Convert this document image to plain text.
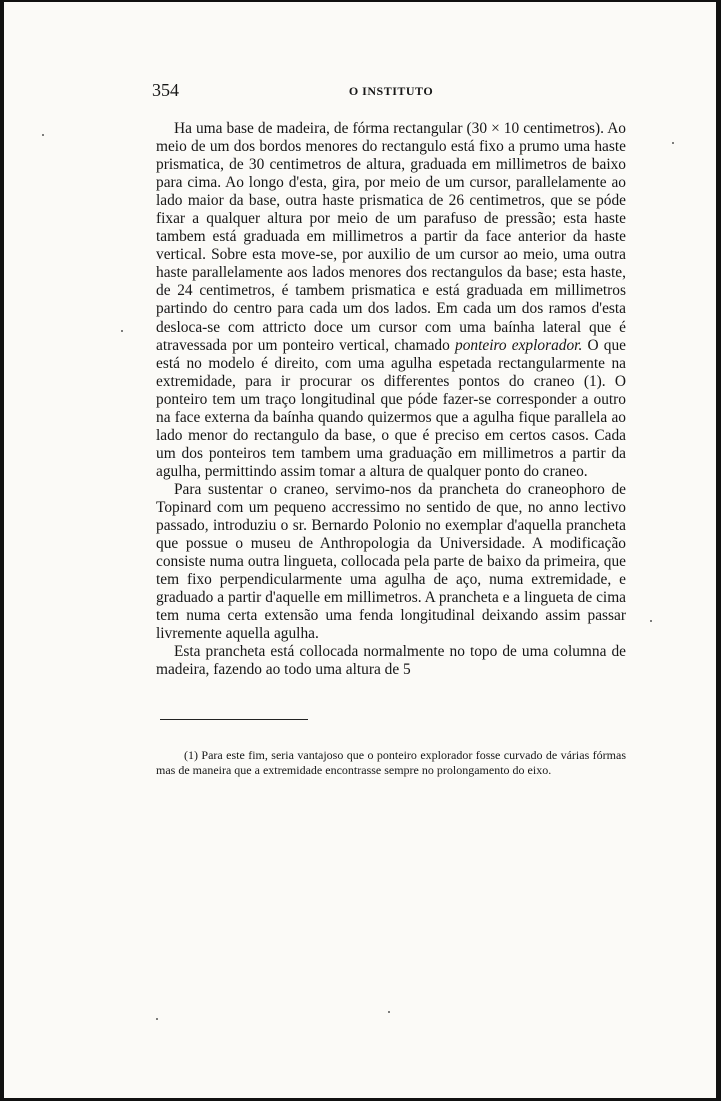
354	O INSTITUTO

Ha uma base de madeira, de fórma rectangular (30 × 10 centimetros). Ao meio de um dos bordos menores do rectangulo está fixo a prumo uma haste prismatica, de 30 centimetros de altura, graduada em millimetros de baixo para cima. Ao longo d'esta, gira, por meio de um cursor, parallelamente ao lado maior da base, outra haste prismatica de 26 centimetros, que se póde fixar a qualquer altura por meio de um parafuso de pressão; esta haste tambem está graduada em millimetros a partir da face anterior da haste vertical. Sobre esta move-se, por auxilio de um cursor ao meio, uma outra haste parallelamente aos lados menores dos rectangulos da base; esta haste, de 24 centimetros, é tambem prismatica e está graduada em millimetros partindo do centro para cada um dos lados. Em cada um dos ramos d'esta desloca-se com attricto doce um cursor com uma baínha lateral que é atravessada por um ponteiro vertical, chamado ponteiro explorador. O que está no modelo é direito, com uma agulha espetada rectangularmente na extremidade, para ir procurar os differentes pontos do craneo (1). O ponteiro tem um traço longitudinal que póde fazer-se corresponder a outro na face externa da baínha quando quizermos que a agulha fique parallela ao lado menor do rectangulo da base, o que é preciso em certos casos. Cada um dos ponteiros tem tambem uma graduação em millimetros a partir da agulha, permittindo assim tomar a altura de qualquer ponto do craneo.

Para sustentar o craneo, servimo-nos da prancheta do craneophoro de Topinard com um pequeno accressimo no sentido de que, no anno lectivo passado, introduziu o sr. Bernardo Polonio no exemplar d'aquella prancheta que possue o museu de Anthropologia da Universidade. A modificação consiste numa outra lingueta, collocada pela parte de baixo da primeira, que tem fixo perpendicularmente uma agulha de aço, numa extremidade, e graduado a partir d'aquelle em millimetros. A prancheta e a lingueta de cima tem numa certa extensão uma fenda longitudinal deixando assim passar livremente aquella agulha.

Esta prancheta está collocada normalmente no topo de uma columna de madeira, fazendo ao todo uma altura de 5

(1) Para este fim, seria vantajoso que o ponteiro explorador fosse curvado de várias fórmas mas de maneira que a extremidade encontrasse sempre no prolongamento do eixo.
